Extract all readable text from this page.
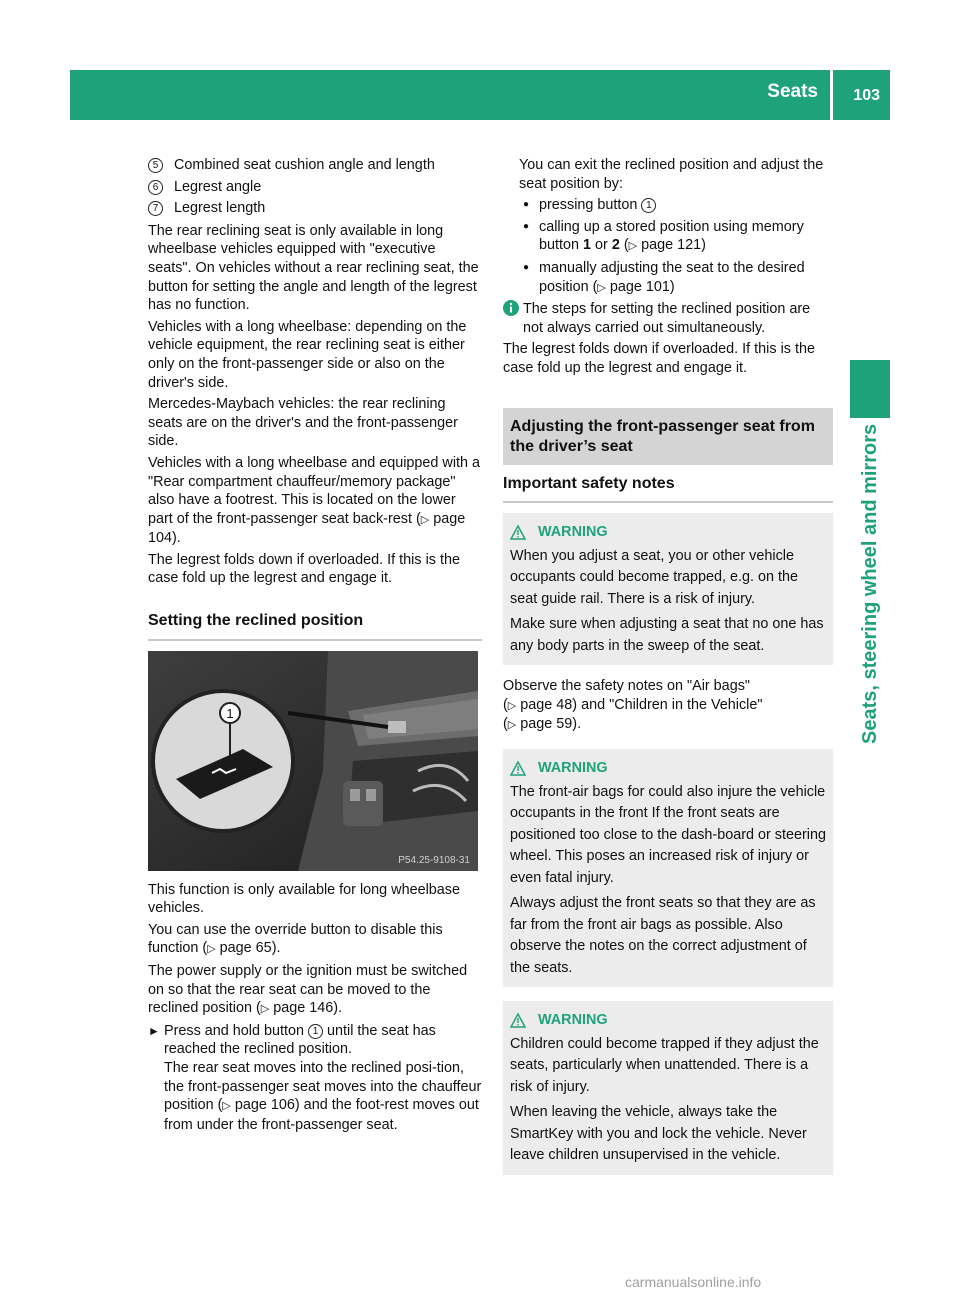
Seats 103
Seats, steering wheel and mirrors
5	Combined seat cushion angle and length
6	Legrest angle
7	Legrest length

The rear reclining seat is only available in long wheelbase vehicles equipped with "executive seats". On vehicles without a rear reclining seat, the button for setting the angle and length of the legrest has no function.

Vehicles with a long wheelbase: depending on the vehicle equipment, the rear reclining seat is either only on the front-passenger side or also on the driver's side.

Mercedes-Maybach vehicles: the rear reclining seats are on the driver's and the front-passenger side.

Vehicles with a long wheelbase and equipped with a "Rear compartment chauffeur/memory package" also have a footrest. This is located on the lower part of the front-passenger seat back-rest (▷ page 104).

The legrest folds down if overloaded. If this is the case fold up the legrest and engage it.

Setting the reclined position
1
P54.25-9108-31

This function is only available for long wheelbase vehicles.

You can use the override button to disable this function (▷ page 65).

The power supply or the ignition must be switched on so that the rear seat can be moved to the reclined position (▷ page 146).

► Press and hold button 1 until the seat has reached the reclined position.
The rear seat moves into the reclined posi-tion, the front-passenger seat moves into the chauffeur position (▷ page 106) and the foot-rest moves out from under the front-passenger seat.

You can exit the reclined position and adjust the seat position by:

● pressing button 1
● calling up a stored position using memory button 1 or 2 (▷ page 121)
● manually adjusting the seat to the desired position (▷ page 101)
The steps for setting the reclined position are not always carried out simultaneously.

The legrest folds down if overloaded. If this is the case fold up the legrest and engage it.

Adjusting the front-passenger seat from the driver’s seat
Important safety notes
WARNING

When you adjust a seat, you or other vehicle occupants could become trapped, e.g. on the seat guide rail. There is a risk of injury.

Make sure when adjusting a seat that no one has any body parts in the sweep of the seat.

Observe the safety notes on "Air bags"
(▷ page 48) and "Children in the Vehicle"
(▷ page 59).

WARNING

The front-air bags for could also injure the vehicle occupants in the front If the front seats are positioned too close to the dash-board or steering wheel. This poses an increased risk of injury or even fatal injury.

Always adjust the front seats so that they are as far from the front air bags as possible. Also observe the notes on the correct adjustment of the seats.

WARNING

Children could become trapped if they adjust the seats, particularly when unattended. There is a risk of injury.

When leaving the vehicle, always take the SmartKey with you and lock the vehicle. Never leave children unsupervised in the vehicle.

carmanualsonline.info
